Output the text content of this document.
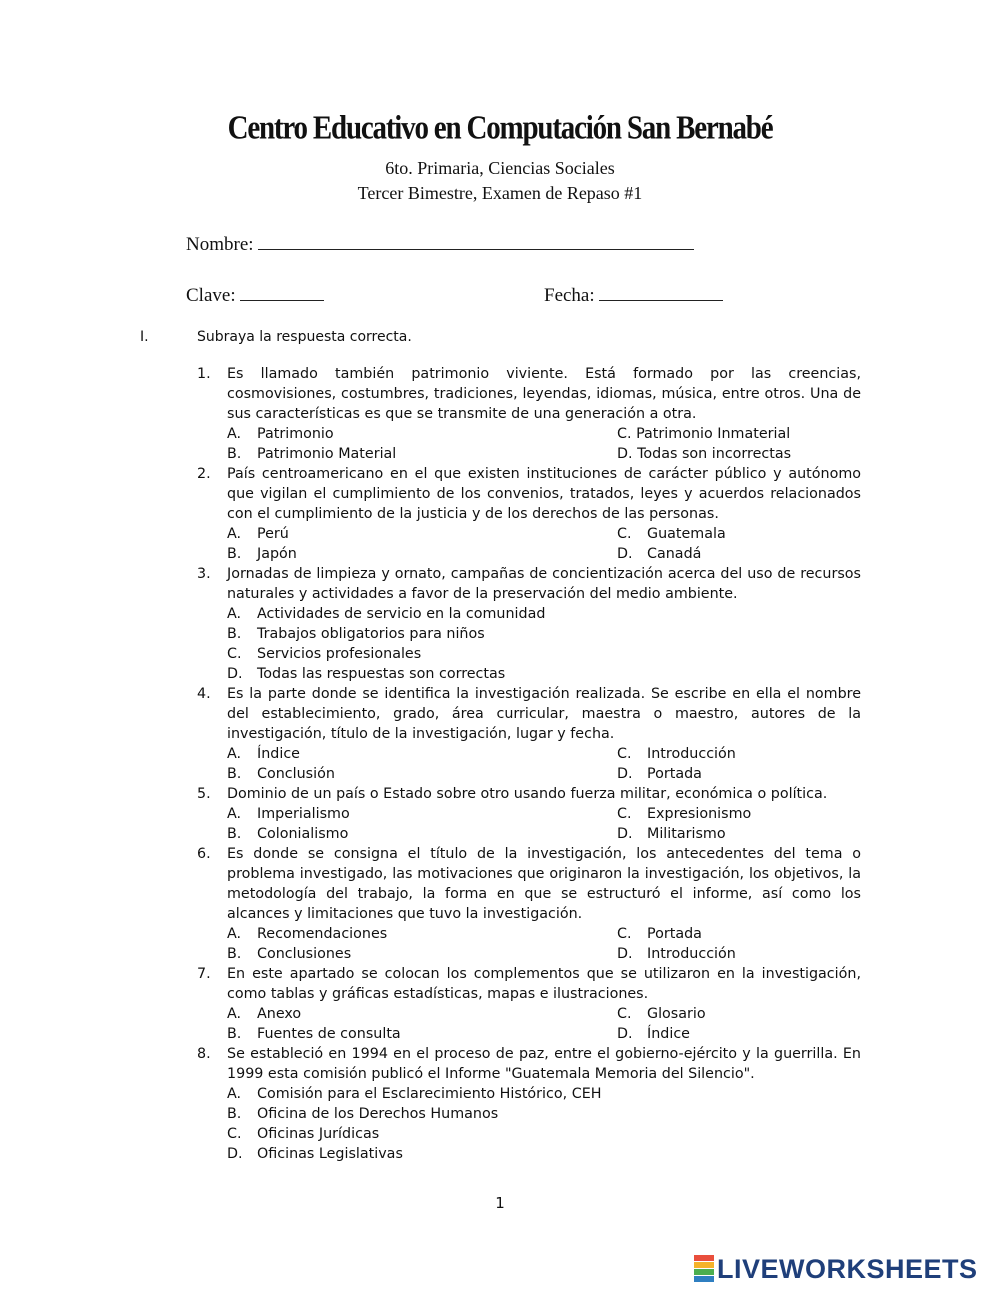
Centro Educativo en Computación San Bernabé
6to. Primaria, Ciencias Sociales
Tercer Bimestre, Examen de Repaso #1
Nombre:
Clave:	Fecha:
I.	Subraya la respuesta correcta.
1. Es llamado también patrimonio viviente. Está formado por las creencias, cosmovisiones, costumbres, tradiciones, leyendas, idiomas, música, entre otros. Una de sus características es que se transmite de una generación a otra.
A. Patrimonio	C. Patrimonio Inmaterial
B. Patrimonio Material	D. Todas son incorrectas
2. País centroamericano en el que existen instituciones de carácter público y autónomo que vigilan el cumplimiento de los convenios, tratados, leyes y acuerdos relacionados con el cumplimiento de la justicia y de los derechos de las personas.
A. Perú	C. Guatemala
B. Japón	D. Canadá
3. Jornadas de limpieza y ornato, campañas de concientización acerca del uso de recursos naturales y actividades a favor de la preservación del medio ambiente.
A. Actividades de servicio en la comunidad
B. Trabajos obligatorios para niños
C. Servicios profesionales
D. Todas las respuestas son correctas
4. Es la parte donde se identifica la investigación realizada. Se escribe en ella el nombre del establecimiento, grado, área curricular, maestra o maestro, autores de la investigación, título de la investigación, lugar y fecha.
A. Índice	C. Introducción
B. Conclusión	D. Portada
5. Dominio de un país o Estado sobre otro usando fuerza militar, económica o política.
A. Imperialismo	C. Expresionismo
B. Colonialismo	D. Militarismo
6. Es donde se consigna el título de la investigación, los antecedentes del tema o problema investigado, las motivaciones que originaron la investigación, los objetivos, la metodología del trabajo, la forma en que se estructuró el informe, así como los alcances y limitaciones que tuvo la investigación.
A. Recomendaciones	C. Portada
B. Conclusiones	D. Introducción
7. En este apartado se colocan los complementos que se utilizaron en la investigación, como tablas y gráficas estadísticas, mapas e ilustraciones.
A. Anexo	C. Glosario
B. Fuentes de consulta	D. Índice
8. Se estableció en 1994 en el proceso de paz, entre el gobierno-ejército y la guerrilla. En 1999 esta comisión publicó el Informe "Guatemala Memoria del Silencio".
A. Comisión para el Esclarecimiento Histórico, CEH
B. Oficina de los Derechos Humanos
C. Oficinas Jurídicas
D. Oficinas Legislativas
1
LIVEWORKSHEETS
